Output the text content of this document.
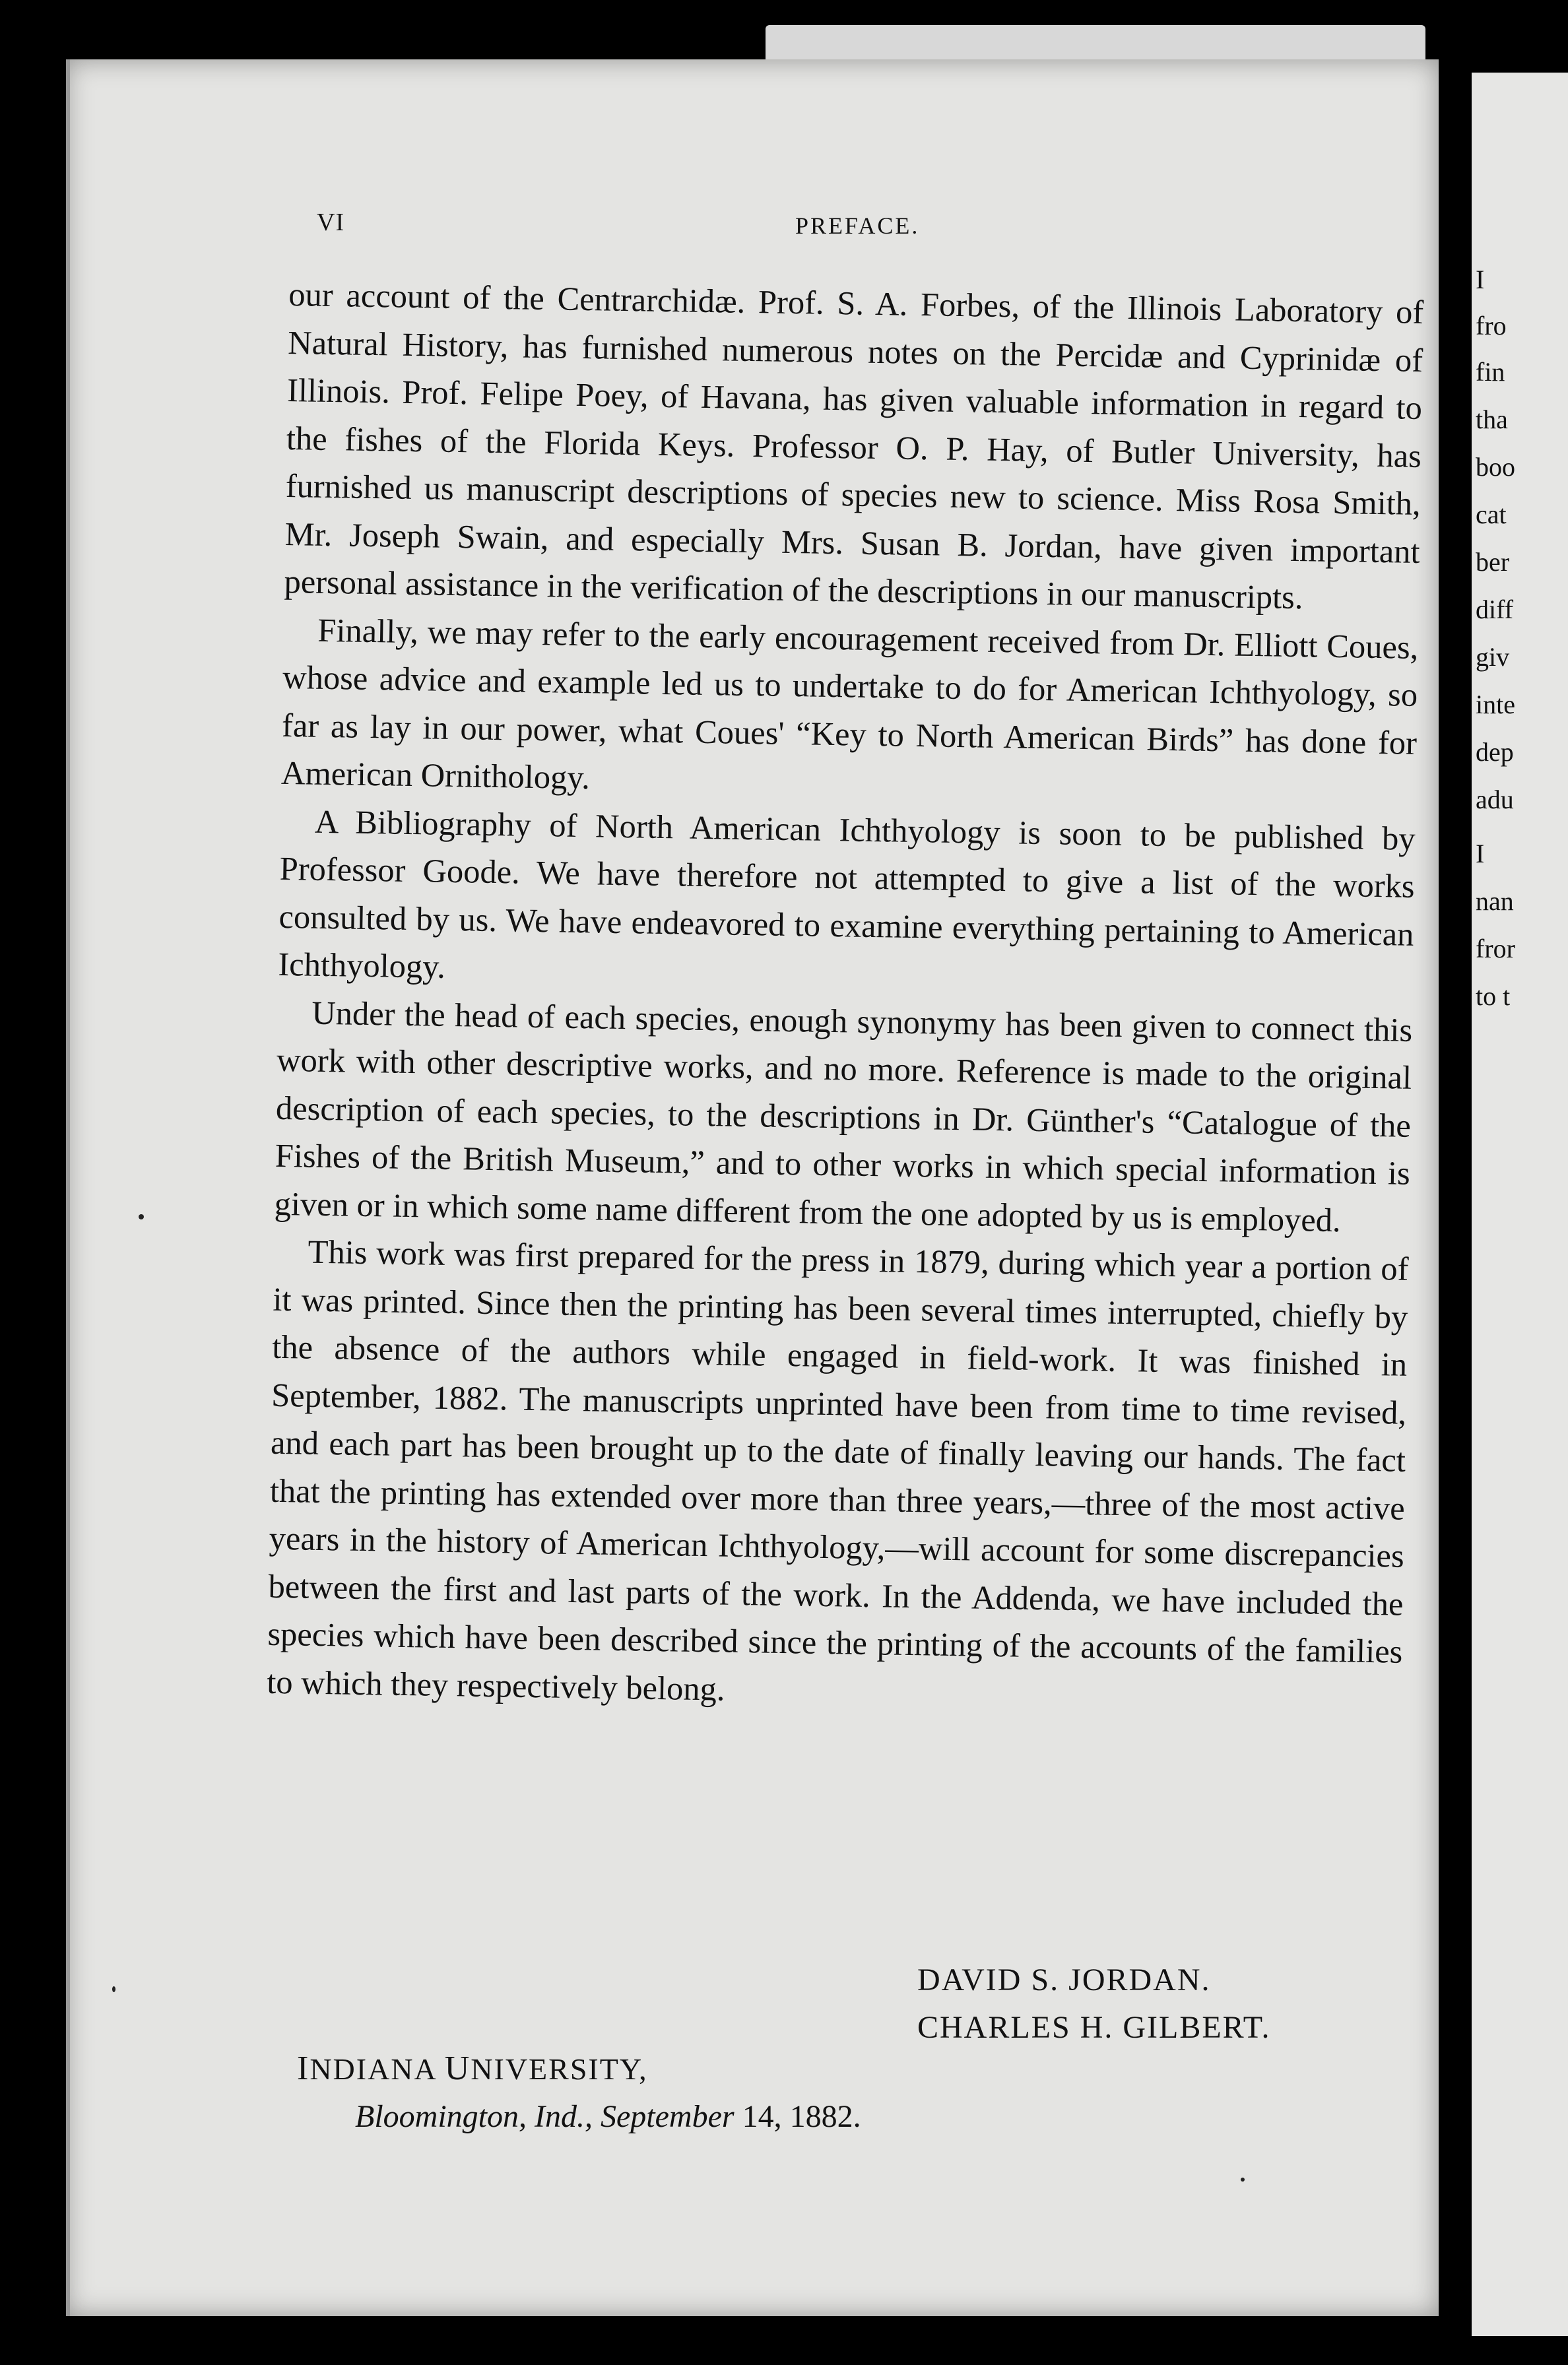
I
fro
fin
tha
boo
cat
ber
diff
giv
inte
dep
adu
I
nan
fror
to t
VI	PREFACE.

our account of the Centrarchidæ. Prof. S. A. Forbes, of the Illinois Laboratory of Natural History, has furnished numerous notes on the Percidæ and Cyprinidæ of Illinois. Prof. Felipe Poey, of Havana, has given valuable information in regard to the fishes of the Florida Keys. Professor O. P. Hay, of Butler University, has furnished us manuscript descriptions of species new to science. Miss Rosa Smith, Mr. Joseph Swain, and especially Mrs. Susan B. Jordan, have given important personal assistance in the verification of the descriptions in our manuscripts.

Finally, we may refer to the early encouragement received from Dr. Elliott Coues, whose advice and example led us to undertake to do for American Ichthyology, so far as lay in our power, what Coues' “Key to North American Birds” has done for American Ornithology.

A Bibliography of North American Ichthyology is soon to be published by Professor Goode. We have therefore not attempted to give a list of the works consulted by us. We have endeavored to examine everything pertaining to American Ichthyology.

Under the head of each species, enough synonymy has been given to connect this work with other descriptive works, and no more. Reference is made to the original description of each species, to the descriptions in Dr. Günther's “Catalogue of the Fishes of the British Museum,” and to other works in which special information is given or in which some name different from the one adopted by us is employed.

This work was first prepared for the press in 1879, during which year a portion of it was printed. Since then the printing has been several times interrupted, chiefly by the absence of the authors while engaged in field-work. It was finished in September, 1882. The manuscripts unprinted have been from time to time revised, and each part has been brought up to the date of finally leaving our hands. The fact that the printing has extended over more than three years,—three of the most active years in the history of American Ichthyology,—will account for some discrepancies between the first and last parts of the work. In the Addenda, we have included the species which have been described since the printing of the accounts of the families to which they respectively belong.

DAVID S. JORDAN.
CHARLES H. GILBERT.
INDIANA UNIVERSITY,
Bloomington, Ind., September 14, 1882.
